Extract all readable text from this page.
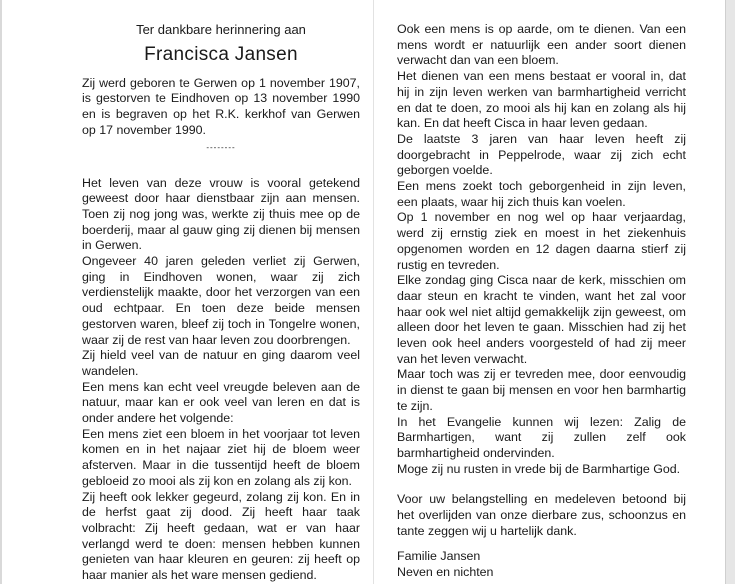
Ter dankbare herinnering aan
Francisca Jansen

Zij werd geboren te Gerwen op 1 november 1907, is gestorven te Eindhoven op 13 november 1990 en is begraven op het R.K. kerkhof van Gerwen op 17 november 1990.

--------

Het leven van deze vrouw is vooral getekend geweest door haar dienstbaar zijn aan mensen. Toen zij nog jong was, werkte zij thuis mee op de boerderij, maar al gauw ging zij dienen bij mensen in Gerwen.

Ongeveer 40 jaren geleden verliet zij Gerwen, ging in Eindhoven wonen, waar zij zich verdienstelijk maakte, door het verzorgen van een oud echtpaar. En toen deze beide mensen gestorven waren, bleef zij toch in Tongelre wonen, waar zij de rest van haar leven zou doorbrengen.

Zij hield veel van de natuur en ging daarom veel wandelen.

Een mens kan echt veel vreugde beleven aan de natuur, maar kan er ook veel van leren en dat is onder andere het volgende:

Een mens ziet een bloem in het voorjaar tot leven komen en in het najaar ziet hij de bloem weer afsterven. Maar in die tussentijd heeft de bloem gebloeid zo mooi als zij kon en zolang als zij kon.

Zij heeft ook lekker gegeurd, zolang zij kon. En in de herfst gaat zij dood. Zij heeft haar taak volbracht: Zij heeft gedaan, wat er van haar verlangd werd te doen: mensen hebben kunnen genieten van haar kleuren en geuren: zij heeft op haar manier als het ware mensen gediend.

Ook een mens is op aarde, om te dienen. Van een mens wordt er natuurlijk een ander soort dienen verwacht dan van een bloem.

Het dienen van een mens bestaat er vooral in, dat hij in zijn leven werken van barmhartigheid verricht en dat te doen, zo mooi als hij kan en zolang als hij kan. En dat heeft Cisca in haar leven gedaan.

De laatste 3 jaren van haar leven heeft zij doorgebracht in Peppelrode, waar zij zich echt geborgen voelde.

Een mens zoekt toch geborgenheid in zijn leven, een plaats, waar hij zich thuis kan voelen.

Op 1 november en nog wel op haar verjaardag, werd zij ernstig ziek en moest in het ziekenhuis opgenomen worden en 12 dagen daarna stierf zij rustig en tevreden.

Elke zondag ging Cisca naar de kerk, misschien om daar steun en kracht te vinden, want het zal voor haar ook wel niet altijd gemakkelijk zijn geweest, om alleen door het leven te gaan. Misschien had zij het leven ook heel anders voorgesteld of had zij meer van het leven verwacht.

Maar toch was zij er tevreden mee, door eenvoudig in dienst te gaan bij mensen en voor hen barmhartig te zijn.

In het Evangelie kunnen wij lezen: Zalig de Barmhartigen, want zij zullen zelf ook barmhartigheid ondervinden.

Moge zij nu rusten in vrede bij de Barmhartige God.

Voor uw belangstelling en medeleven betoond bij het overlijden van onze dierbare zus, schoonzus en tante zeggen wij u hartelijk dank.

Familie Jansen

Neven en nichten
